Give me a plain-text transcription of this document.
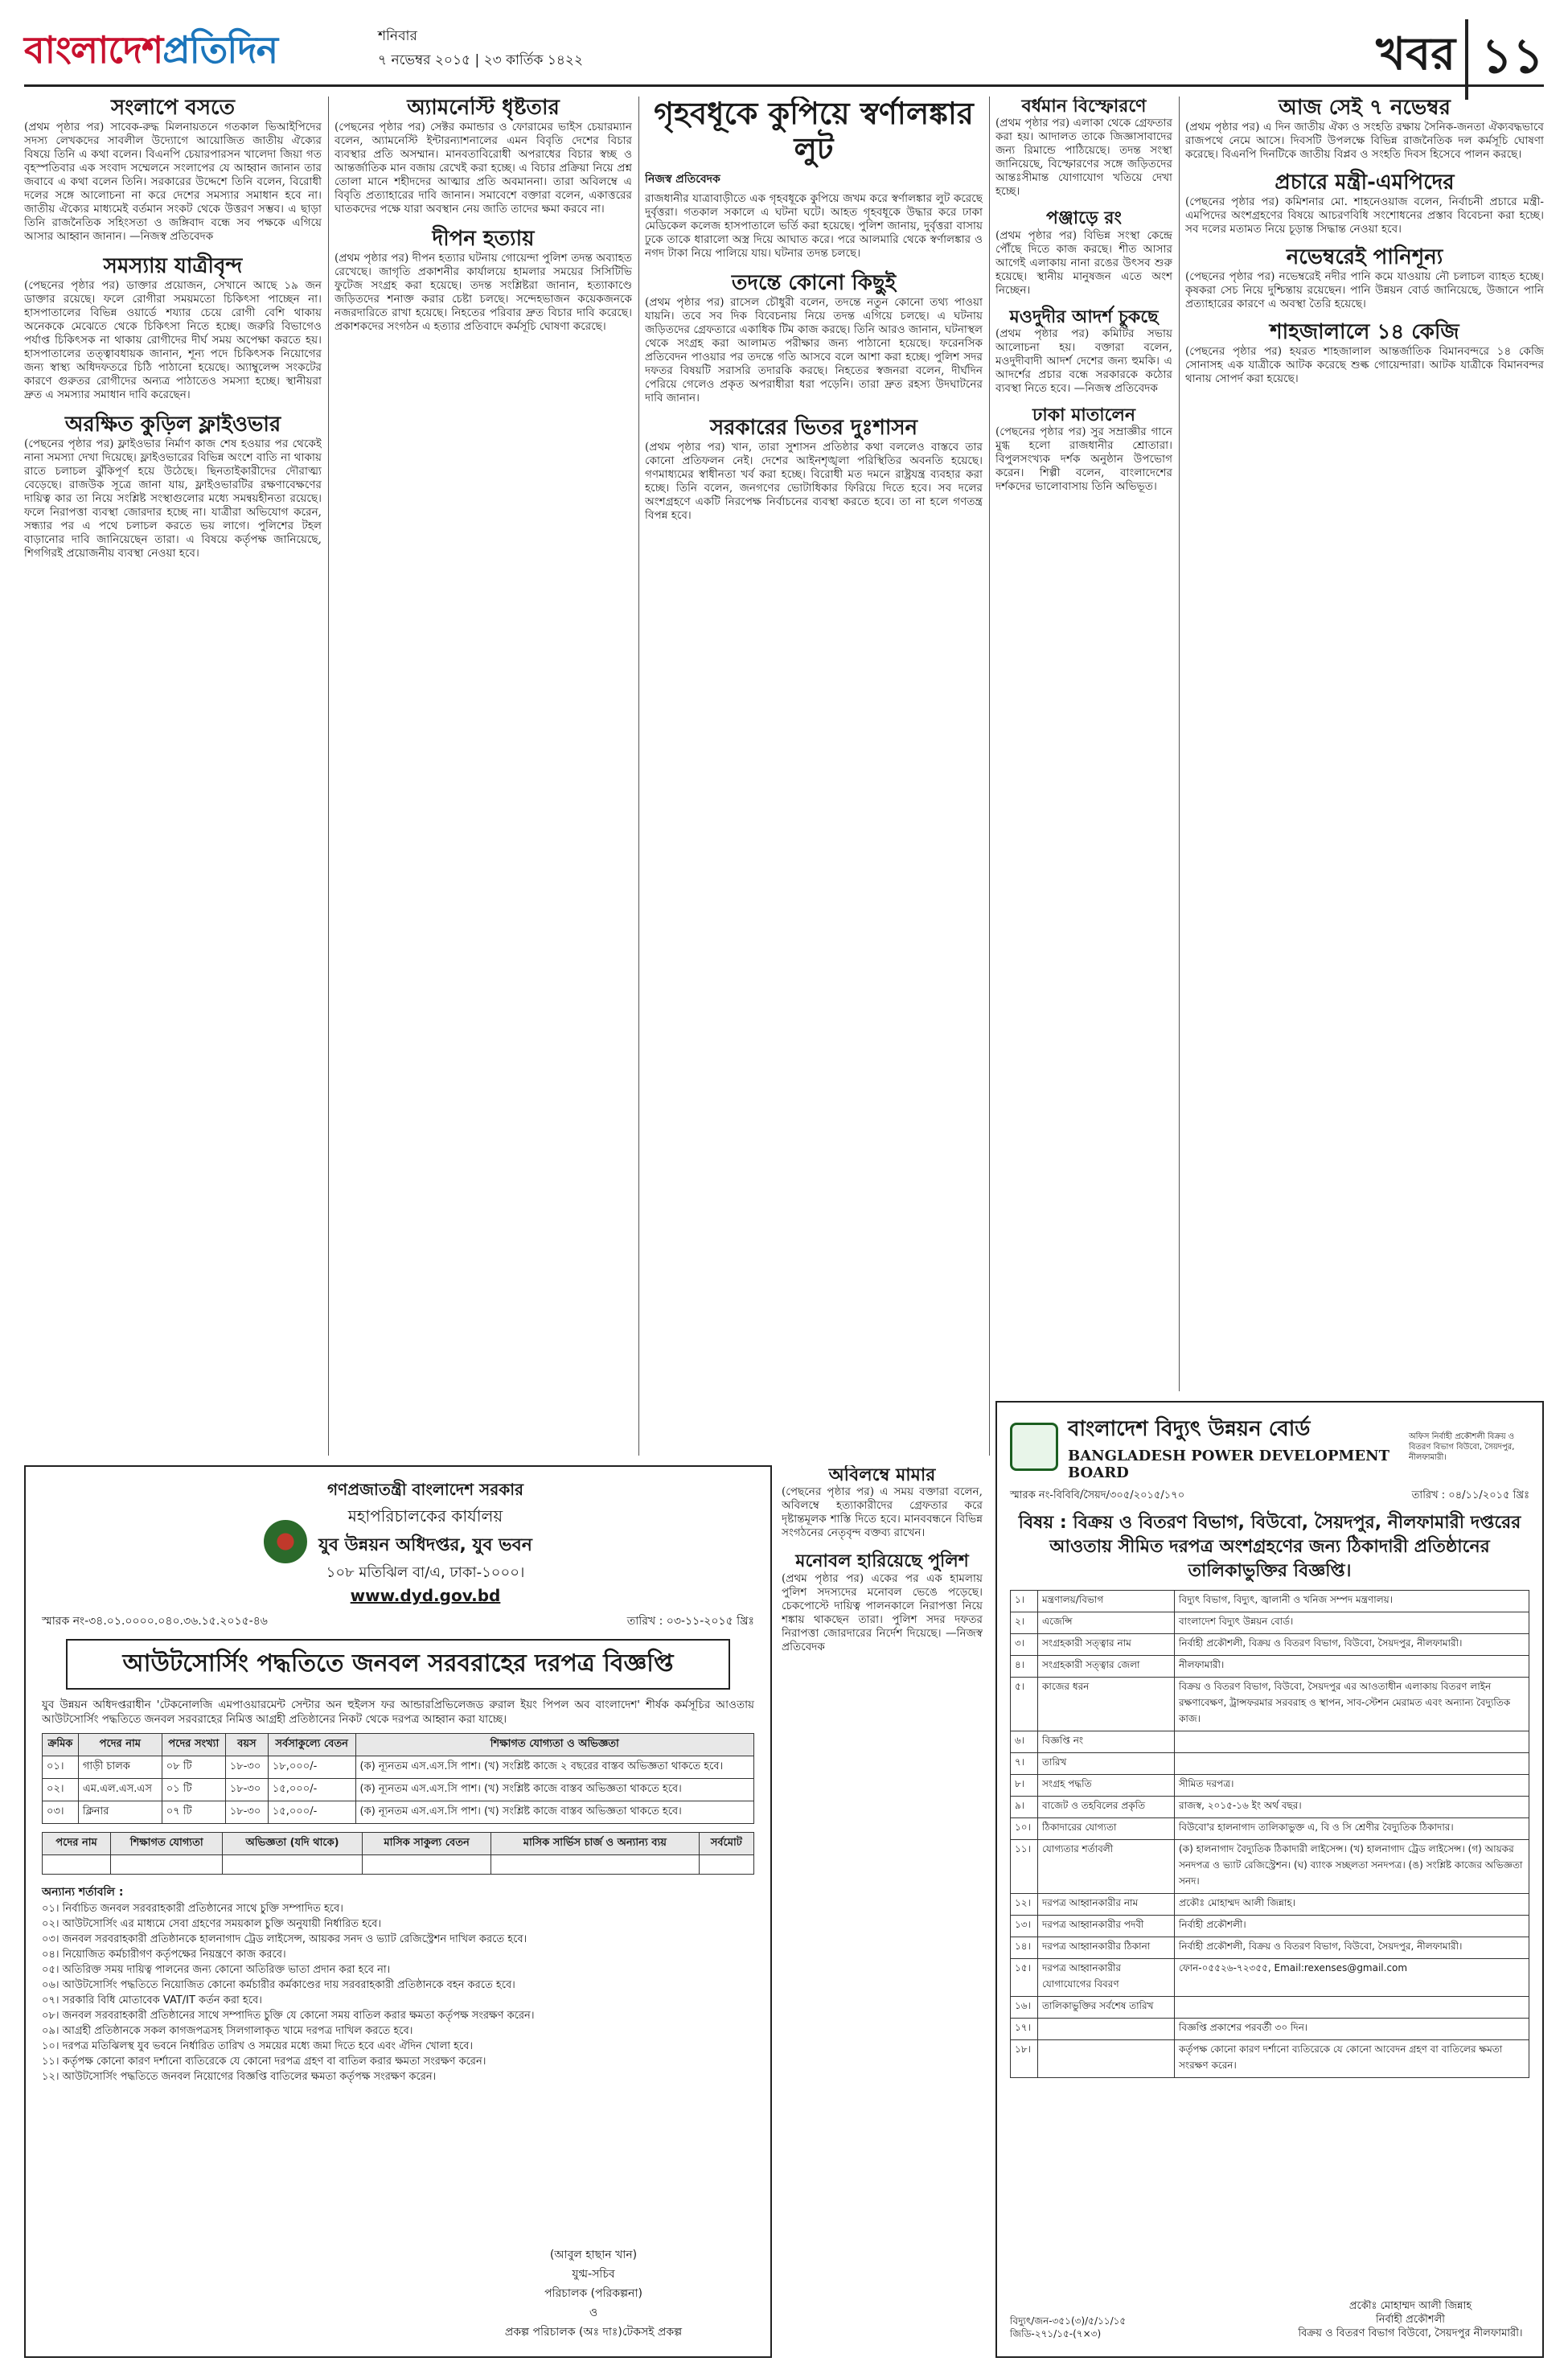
বাংলাদেশপ্রতিদিন	শনিবার
৭ নভেম্বর ২০১৫ | ২৩ কার্তিক ১৪২২	খবর ১১
সংলাপে বসতে

(প্রথম পৃষ্ঠার পর) সাবেক-রুদ্ধ মিলনায়তনে গতকাল ভিআইপিদের সদস্য লেখকদের সাবলীল উদ্যোগে আয়োজিত জাতীয় ঐক্যের বিষয়ে তিনি এ কথা বলেন। বিএনপি চেয়ারপারসন খালেদা জিয়া গত বৃহস্পতিবার এক সংবাদ সম্মেলনে সংলাপের যে আহ্বান জানান তার জবাবে এ কথা বলেন তিনি। সরকারের উদ্দেশে তিনি বলেন, বিরোধী দলের সঙ্গে আলোচনা না করে দেশের সমস্যার সমাধান হবে না। জাতীয় ঐক্যের মাধ্যমেই বর্তমান সংকট থেকে উত্তরণ সম্ভব। এ ছাড়া তিনি রাজনৈতিক সহিংসতা ও জঙ্গিবাদ বন্ধে সব পক্ষকে এগিয়ে আসার আহ্বান জানান। —নিজস্ব প্রতিবেদক

সমস্যায় যাত্রীবৃন্দ

(পেছনের পৃষ্ঠার পর) ডাক্তার প্রয়োজন, সেখানে আছে ১৯ জন ডাক্তার রয়েছে। ফলে রোগীরা সময়মতো চিকিৎসা পাচ্ছেন না। হাসপাতালের বিভিন্ন ওয়ার্ডে শয্যার চেয়ে রোগী বেশি থাকায় অনেককে মেঝেতে থেকে চিকিৎসা নিতে হচ্ছে। জরুরি বিভাগেও পর্যাপ্ত চিকিৎসক না থাকায় রোগীদের দীর্ঘ সময় অপেক্ষা করতে হয়। হাসপাতালের তত্ত্বাবধায়ক জানান, শূন্য পদে চিকিৎসক নিয়োগের জন্য স্বাস্থ্য অধিদফতরে চিঠি পাঠানো হয়েছে। অ্যাম্বুলেন্স সংকটের কারণে গুরুতর রোগীদের অন্যত্র পাঠাতেও সমস্যা হচ্ছে। স্থানীয়রা দ্রুত এ সমস্যার সমাধান দাবি করেছেন।

অরক্ষিত কুড়িল ফ্লাইওভার

(পেছনের পৃষ্ঠার পর) ফ্লাইওভার নির্মাণ কাজ শেষ হওয়ার পর থেকেই নানা সমস্যা দেখা দিয়েছে। ফ্লাইওভারের বিভিন্ন অংশে বাতি না থাকায় রাতে চলাচল ঝুঁকিপূর্ণ হয়ে উঠেছে। ছিনতাইকারীদের দৌরাত্ম্য বেড়েছে। রাজউক সূত্রে জানা যায়, ফ্লাইওভারটির রক্ষণাবেক্ষণের দায়িত্ব কার তা নিয়ে সংশ্লিষ্ট সংস্থাগুলোর মধ্যে সমন্বয়হীনতা রয়েছে। ফলে নিরাপত্তা ব্যবস্থা জোরদার হচ্ছে না। যাত্রীরা অভিযোগ করেন, সন্ধ্যার পর এ পথে চলাচল করতে ভয় লাগে। পুলিশের টহল বাড়ানোর দাবি জানিয়েছেন তারা। এ বিষয়ে কর্তৃপক্ষ জানিয়েছে, শিগগিরই প্রয়োজনীয় ব্যবস্থা নেওয়া হবে।

অ্যামনেস্টি ধৃষ্টতার

(পেছনের পৃষ্ঠার পর) সেক্টর কমান্ডার ও ফোরামের ভাইস চেয়ারম্যান বলেন, অ্যামনেস্টি ইন্টারন্যাশনালের এমন বিবৃতি দেশের বিচার ব্যবস্থার প্রতি অসম্মান। মানবতাবিরোধী অপরাধের বিচার স্বচ্ছ ও আন্তর্জাতিক মান বজায় রেখেই করা হচ্ছে। এ বিচার প্রক্রিয়া নিয়ে প্রশ্ন তোলা মানে শহীদদের আত্মার প্রতি অবমাননা। তারা অবিলম্বে এ বিবৃতি প্রত্যাহারের দাবি জানান। সমাবেশে বক্তারা বলেন, একাত্তরের ঘাতকদের পক্ষে যারা অবস্থান নেয় জাতি তাদের ক্ষমা করবে না।

দীপন হত্যায়

(প্রথম পৃষ্ঠার পর) দীপন হত্যার ঘটনায় গোয়েন্দা পুলিশ তদন্ত অব্যাহত রেখেছে। জাগৃতি প্রকাশনীর কার্যালয়ে হামলার সময়ের সিসিটিভি ফুটেজ সংগ্রহ করা হয়েছে। তদন্ত সংশ্লিষ্টরা জানান, হত্যাকাণ্ডে জড়িতদের শনাক্ত করার চেষ্টা চলছে। সন্দেহভাজন কয়েকজনকে নজরদারিতে রাখা হয়েছে। নিহতের পরিবার দ্রুত বিচার দাবি করেছে। প্রকাশকদের সংগঠন এ হত্যার প্রতিবাদে কর্মসূচি ঘোষণা করেছে।

গৃহবধূকে কুপিয়ে স্বর্ণালঙ্কার লুট
নিজস্ব প্রতিবেদক

রাজধানীর যাত্রাবাড়ীতে এক গৃহবধূকে কুপিয়ে জখম করে স্বর্ণালঙ্কার লুট করেছে দুর্বৃত্তরা। গতকাল সকালে এ ঘটনা ঘটে। আহত গৃহবধূকে উদ্ধার করে ঢাকা মেডিকেল কলেজ হাসপাতালে ভর্তি করা হয়েছে। পুলিশ জানায়, দুর্বৃত্তরা বাসায় ঢুকে তাকে ধারালো অস্ত্র দিয়ে আঘাত করে। পরে আলমারি থেকে স্বর্ণালঙ্কার ও নগদ টাকা নিয়ে পালিয়ে যায়। ঘটনার তদন্ত চলছে।

তদন্তে কোনো কিছুই

(প্রথম পৃষ্ঠার পর) রাসেল চৌধুরী বলেন, তদন্তে নতুন কোনো তথ্য পাওয়া যায়নি। তবে সব দিক বিবেচনায় নিয়ে তদন্ত এগিয়ে চলছে। এ ঘটনায় জড়িতদের গ্রেফতারে একাধিক টিম কাজ করছে। তিনি আরও জানান, ঘটনাস্থল থেকে সংগ্রহ করা আলামত পরীক্ষার জন্য পাঠানো হয়েছে। ফরেনসিক প্রতিবেদন পাওয়ার পর তদন্তে গতি আসবে বলে আশা করা হচ্ছে। পুলিশ সদর দফতর বিষয়টি সরাসরি তদারকি করছে। নিহতের স্বজনরা বলেন, দীর্ঘদিন পেরিয়ে গেলেও প্রকৃত অপরাধীরা ধরা পড়েনি। তারা দ্রুত রহস্য উদঘাটনের দাবি জানান।

সরকারের ভিতর দুঃশাসন

(প্রথম পৃষ্ঠার পর) খান, তারা সুশাসন প্রতিষ্ঠার কথা বললেও বাস্তবে তার কোনো প্রতিফলন নেই। দেশের আইনশৃঙ্খলা পরিস্থিতির অবনতি হয়েছে। গণমাধ্যমের স্বাধীনতা খর্ব করা হচ্ছে। বিরোধী মত দমনে রাষ্ট্রযন্ত্র ব্যবহার করা হচ্ছে। তিনি বলেন, জনগণের ভোটাধিকার ফিরিয়ে দিতে হবে। সব দলের অংশগ্রহণে একটি নিরপেক্ষ নির্বাচনের ব্যবস্থা করতে হবে। তা না হলে গণতন্ত্র বিপন্ন হবে।

বর্ধমান বিস্ফোরণে

(প্রথম পৃষ্ঠার পর) এলাকা থেকে গ্রেফতার করা হয়। আদালত তাকে জিজ্ঞাসাবাদের জন্য রিমান্ডে পাঠিয়েছে। তদন্ত সংস্থা জানিয়েছে, বিস্ফোরণের সঙ্গে জড়িতদের আন্তঃসীমান্ত যোগাযোগ খতিয়ে দেখা হচ্ছে।

পঞ্জাড়ে রং

(প্রথম পৃষ্ঠার পর) বিভিন্ন সংস্থা কেন্দ্রে পৌঁছে দিতে কাজ করছে। শীত আসার আগেই এলাকায় নানা রঙের উৎসব শুরু হয়েছে। স্থানীয় মানুষজন এতে অংশ নিচ্ছেন।

মওদুদীর আদর্শ চুকছে

(প্রথম পৃষ্ঠার পর) কমিটির সভায় আলোচনা হয়। বক্তারা বলেন, মওদুদীবাদী আদর্শ দেশের জন্য হুমকি। এ আদর্শের প্রচার বন্ধে সরকারকে কঠোর ব্যবস্থা নিতে হবে। —নিজস্ব প্রতিবেদক

ঢাকা মাতালেন

(পেছনের পৃষ্ঠার পর) সুর সম্রাজ্ঞীর গানে মুগ্ধ হলো রাজধানীর শ্রোতারা। বিপুলসংখ্যক দর্শক অনুষ্ঠান উপভোগ করেন। শিল্পী বলেন, বাংলাদেশের দর্শকদের ভালোবাসায় তিনি অভিভূত।

আজ সেই ৭ নভেম্বর

(প্রথম পৃষ্ঠার পর) এ দিন জাতীয় ঐক্য ও সংহতি রক্ষায় সৈনিক-জনতা ঐক্যবদ্ধভাবে রাজপথে নেমে আসে। দিবসটি উপলক্ষে বিভিন্ন রাজনৈতিক দল কর্মসূচি ঘোষণা করেছে। বিএনপি দিনটিকে জাতীয় বিপ্লব ও সংহতি দিবস হিসেবে পালন করছে।

প্রচারে মন্ত্রী-এমপিদের

(পেছনের পৃষ্ঠার পর) কমিশনার মো. শাহনেওয়াজ বলেন, নির্বাচনী প্রচারে মন্ত্রী-এমপিদের অংশগ্রহণের বিষয়ে আচরণবিধি সংশোধনের প্রস্তাব বিবেচনা করা হচ্ছে। সব দলের মতামত নিয়ে চূড়ান্ত সিদ্ধান্ত নেওয়া হবে।

নভেম্বরেই পানিশূন্য

(পেছনের পৃষ্ঠার পর) নভেম্বরেই নদীর পানি কমে যাওয়ায় নৌ চলাচল ব্যাহত হচ্ছে। কৃষকরা সেচ নিয়ে দুশ্চিন্তায় রয়েছেন। পানি উন্নয়ন বোর্ড জানিয়েছে, উজানে পানি প্রত্যাহারের কারণে এ অবস্থা তৈরি হয়েছে।

শাহজালালে ১৪ কেজি

(পেছনের পৃষ্ঠার পর) হযরত শাহজালাল আন্তর্জাতিক বিমানবন্দরে ১৪ কেজি সোনাসহ এক যাত্রীকে আটক করেছে শুল্ক গোয়েন্দারা। আটক যাত্রীকে বিমানবন্দর থানায় সোপর্দ করা হয়েছে।

গণপ্রজাতন্ত্রী বাংলাদেশ সরকার
মহাপরিচালকের কার্যালয়
যুব উন্নয়ন অধিদপ্তর, যুব ভবন
১০৮ মতিঝিল বা/এ, ঢাকা-১০০০।
www.dyd.gov.bd
স্মারক নং-৩৪.০১.০০০০.০৪০.৩৬.১৫.২০১৫-৪৬	তারিখ : ০৩-১১-২০১৫ খ্রিঃ
আউটসোর্সিং পদ্ধতিতে জনবল সরবরাহের দরপত্র বিজ্ঞপ্তি

যুব উন্নয়ন অধিদপ্তরাধীন 'টেকনোলজি এমপাওয়ারমেন্ট সেন্টার অন হুইলস ফর আন্ডারপ্রিভিলেজড রুরাল ইয়ং পিপল অব বাংলাদেশ' শীর্ষক কর্মসূচির আওতায় আউটসোর্সিং পদ্ধতিতে জনবল সরবরাহের নিমিত্ত আগ্রহী প্রতিষ্ঠানের নিকট থেকে দরপত্র আহ্বান করা যাচ্ছে।

ক্রমিক	পদের নাম	পদের সংখ্যা	বয়স	সর্বসাকুল্যে বেতন	শিক্ষাগত যোগ্যতা ও অভিজ্ঞতা
০১।	গাড়ী চালক	০৮ টি	১৮-৩০	১৮,০০০/-	(ক) ন্যূনতম এস.এস.সি পাশ। (খ) সংশ্লিষ্ট কাজে ২ বছরের বাস্তব অভিজ্ঞতা থাকতে হবে।
০২।	এম.এল.এস.এস	০১ টি	১৮-৩০	১৫,০০০/-	(ক) ন্যূনতম এস.এস.সি পাশ। (খ) সংশ্লিষ্ট কাজে বাস্তব অভিজ্ঞতা থাকতে হবে।
০৩।	ক্লিনার	০৭ টি	১৮-৩০	১৫,০০০/-	(ক) ন্যূনতম এস.এস.সি পাশ। (খ) সংশ্লিষ্ট কাজে বাস্তব অভিজ্ঞতা থাকতে হবে।
পদের নাম	শিক্ষাগত যোগ্যতা	অভিজ্ঞতা (যদি থাকে)	মাসিক সাকুল্য বেতন	মাসিক সার্ভিস চার্জ ও অন্যান্য ব্যয়	সর্বমোট

অন্যান্য শর্তাবলি :
০১। নির্বাচিত জনবল সরবরাহকারী প্রতিষ্ঠানের সাথে চুক্তি সম্পাদিত হবে।
০২। আউটসোর্সিং এর মাধ্যমে সেবা গ্রহণের সময়কাল চুক্তি অনুযায়ী নির্ধারিত হবে।
০৩। জনবল সরবরাহকারী প্রতিষ্ঠানকে হালনাগাদ ট্রেড লাইসেন্স, আয়কর সনদ ও ভ্যাট রেজিস্ট্রেশন দাখিল করতে হবে।
০৪। নিয়োজিত কর্মচারীগণ কর্তৃপক্ষের নিয়ন্ত্রণে কাজ করবে।
০৫। অতিরিক্ত সময় দায়িত্ব পালনের জন্য কোনো অতিরিক্ত ভাতা প্রদান করা হবে না।
০৬। আউটসোর্সিং পদ্ধতিতে নিয়োজিত কোনো কর্মচারীর কর্মকাণ্ডের দায় সরবরাহকারী প্রতিষ্ঠানকে বহন করতে হবে।
০৭। সরকারি বিধি মোতাবেক VAT/IT কর্তন করা হবে।
০৮। জনবল সরবরাহকারী প্রতিষ্ঠানের সাথে সম্পাদিত চুক্তি যে কোনো সময় বাতিল করার ক্ষমতা কর্তৃপক্ষ সংরক্ষণ করেন।
০৯। আগ্রহী প্রতিষ্ঠানকে সকল কাগজপত্রসহ সিলগালাকৃত খামে দরপত্র দাখিল করতে হবে।
১০। দরপত্র মতিঝিলস্থ যুব ভবনে নির্ধারিত তারিখ ও সময়ের মধ্যে জমা দিতে হবে এবং ঐদিন খোলা হবে।
১১। কর্তৃপক্ষ কোনো কারণ দর্শানো ব্যতিরেকে যে কোনো দরপত্র গ্রহণ বা বাতিল করার ক্ষমতা সংরক্ষণ করেন।
১২। আউটসোর্সিং পদ্ধতিতে জনবল নিয়োগের বিজ্ঞপ্তি বাতিলের ক্ষমতা কর্তৃপক্ষ সংরক্ষণ করেন।
(আবুল হাছান খান)
যুগ্ম-সচিব
পরিচালক (পরিকল্পনা)
ও
প্রকল্প পরিচালক (অঃ দাঃ)টেকসই প্রকল্প
অবিলম্বে মামার

(পেছনের পৃষ্ঠার পর) এ সময় বক্তারা বলেন, অবিলম্বে হত্যাকারীদের গ্রেফতার করে দৃষ্টান্তমূলক শাস্তি দিতে হবে। মানববন্ধনে বিভিন্ন সংগঠনের নেতৃবৃন্দ বক্তব্য রাখেন।

মনোবল হারিয়েছে পুলিশ

(প্রথম পৃষ্ঠার পর) একের পর এক হামলায় পুলিশ সদস্যদের মনোবল ভেঙে পড়েছে। চেকপোস্টে দায়িত্ব পালনকালে নিরাপত্তা নিয়ে শঙ্কায় থাকছেন তারা। পুলিশ সদর দফতর নিরাপত্তা জোরদারের নির্দেশ দিয়েছে। —নিজস্ব প্রতিবেদক

বাংলাদেশ বিদ্যুৎ উন্নয়ন বোর্ড
BANGLADESH POWER DEVELOPMENT BOARD
অফিস নির্বাহী প্রকৌশলী বিক্রয় ও বিতরণ বিভাগ বিউবো, সৈয়দপুর, নীলফামারী।
স্মারক নং-বিবিবি/সৈয়দ/৩০৫/২০১৫/১৭০	তারিখ : ০৪/১১/২০১৫ খ্রিঃ
বিষয় : বিক্রয় ও বিতরণ বিভাগ, বিউবো, সৈয়দপুর, নীলফামারী দপ্তরের আওতায় সীমিত দরপত্র অংশগ্রহণের জন্য ঠিকাদারী প্রতিষ্ঠানের তালিকাভুক্তির বিজ্ঞপ্তি।
১।	মন্ত্রণালয়/বিভাগ	বিদ্যুৎ বিভাগ, বিদ্যুৎ, জ্বালানী ও খনিজ সম্পদ মন্ত্রণালয়।
২।	এজেন্সি	বাংলাদেশ বিদ্যুৎ উন্নয়ন বোর্ড।
৩।	সংগ্রহকারী সত্ত্বার নাম	নির্বাহী প্রকৌশলী, বিক্রয় ও বিতরণ বিভাগ, বিউবো, সৈয়দপুর, নীলফামারী।
৪।	সংগ্রহকারী সত্ত্বার জেলা	নীলফামারী।
৫।	কাজের ধরন	বিক্রয় ও বিতরণ বিভাগ, বিউবো, সৈয়দপুর এর আওতাধীন এলাকায় বিতরণ লাইন রক্ষণাবেক্ষণ, ট্রান্সফরমার সরবরাহ ও স্থাপন, সাব-স্টেশন মেরামত এবং অন্যান্য বৈদ্যুতিক কাজ।
৬।	বিজ্ঞপ্তি নং	
৭।	তারিখ	
৮।	সংগ্রহ পদ্ধতি	সীমিত দরপত্র।
৯।	বাজেট ও তহবিলের প্রকৃতি	রাজস্ব, ২০১৫-১৬ ইং অর্থ বছর।
১০।	ঠিকাদারের যোগ্যতা	বিউবো'র হালনাগাদ তালিকাভুক্ত এ, বি ও সি শ্রেণীর বৈদ্যুতিক ঠিকাদার।
১১।	যোগ্যতার শর্তাবলী	(ক) হালনাগাদ বৈদ্যুতিক ঠিকাদারী লাইসেন্স। (খ) হালনাগাদ ট্রেড লাইসেন্স। (গ) আয়কর সনদপত্র ও ভ্যাট রেজিস্ট্রেশন। (ঘ) ব্যাংক সচ্ছলতা সনদপত্র। (ঙ) সংশ্লিষ্ট কাজের অভিজ্ঞতা সনদ।
১২।	দরপত্র আহ্বানকারীর নাম	প্রকৌঃ মোহাম্মদ আলী জিন্নাহ।
১৩।	দরপত্র আহ্বানকারীর পদবী	নির্বাহী প্রকৌশলী।
১৪।	দরপত্র আহ্বানকারীর ঠিকানা	নির্বাহী প্রকৌশলী, বিক্রয় ও বিতরণ বিভাগ, বিউবো, সৈয়দপুর, নীলফামারী।
১৫।	দরপত্র আহ্বানকারীর যোগাযোগের বিবরণ	ফোন-০৫৫২৬-৭২৩৫৫, Email:rexenses@gmail.com
১৬।	তালিকাভুক্তির সর্বশেষ তারিখ	
১৭।		বিজ্ঞপ্তি প্রকাশের পরবর্তী ৩০ দিন।
১৮।		কর্তৃপক্ষ কোনো কারণ দর্শানো ব্যতিরেকে যে কোনো আবেদন গ্রহণ বা বাতিলের ক্ষমতা সংরক্ষণ করেন।
প্রকৌঃ মোহাম্মদ আলী জিন্নাহ
নির্বাহী প্রকৌশলী
বিক্রয় ও বিতরণ বিভাগ বিউবো, সৈয়দপুর নীলফামারী।
বিদ্যুৎ/জন-৩৫১(৩)/৫/১১/১৫
জিডি-২৭১/১৫-(৭×৩)
